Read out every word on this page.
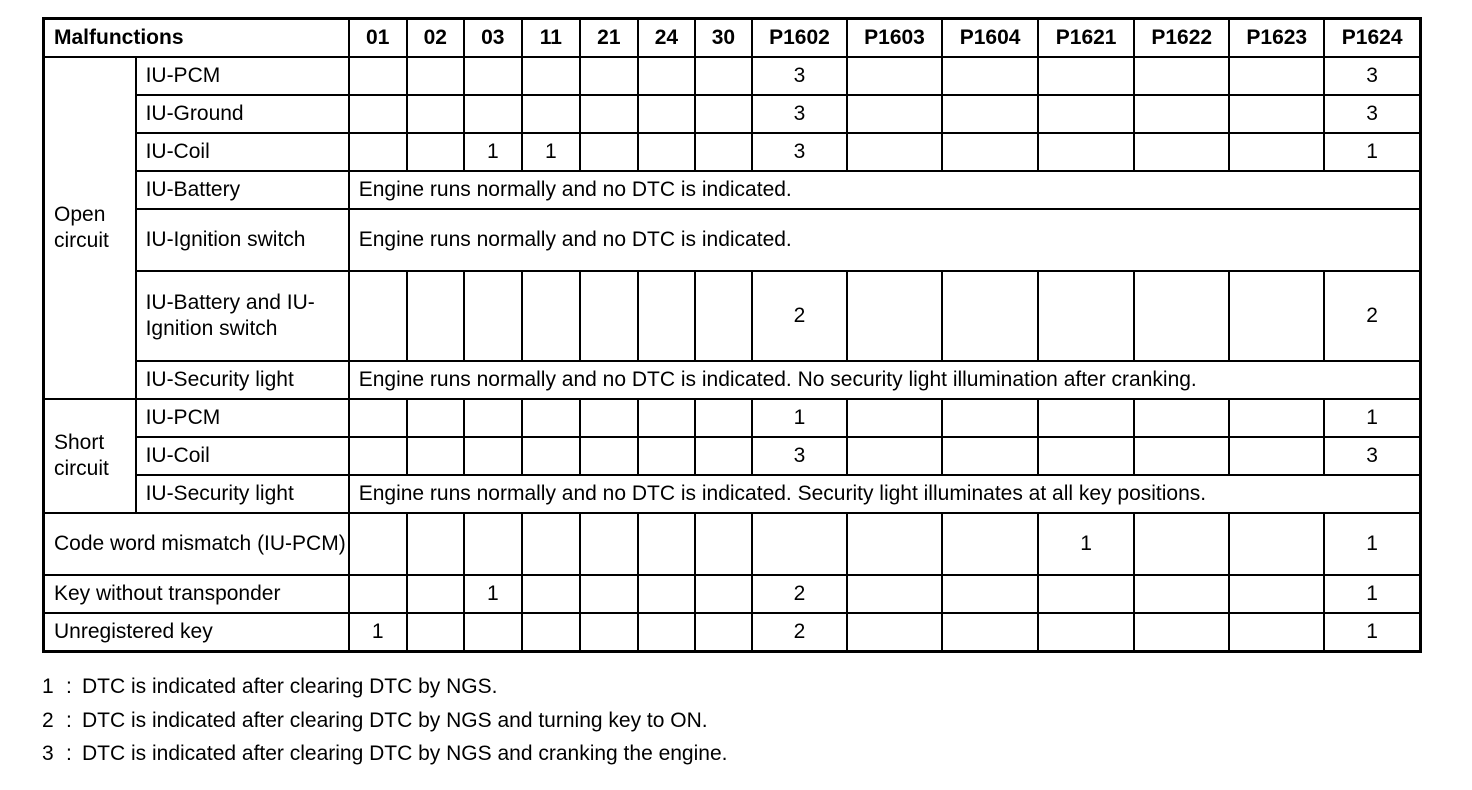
Malfunctions		01	02	03	11	21	24	30	P1602	P1603	P1604	P1621	P1622	P1623	P1624
Open circuit	IU-PCM								3						3
	IU-Ground								3						3
	IU-Coil			1	1				3						1
	IU-Battery	Engine runs normally and no DTC is indicated.													
	IU-Ignition switch	Engine runs normally and no DTC is indicated.													
	IU-Battery and IU-Ignition switch								2						2
	IU-Security light	Engine runs normally and no DTC is indicated. No security light illumination after cranking.													
Short circuit	IU-PCM								1						1
	IU-Coil								3						3
	IU-Security light	Engine runs normally and no DTC is indicated. Security light illuminates at all key positions.													
Code word mismatch (IU-PCM)												1			1
Key without transponder				1					2						1
Unregistered key		1							2						1
1 : DTC is indicated after clearing DTC by NGS.
2 : DTC is indicated after clearing DTC by NGS and turning key to ON.
3 : DTC is indicated after clearing DTC by NGS and cranking the engine.
